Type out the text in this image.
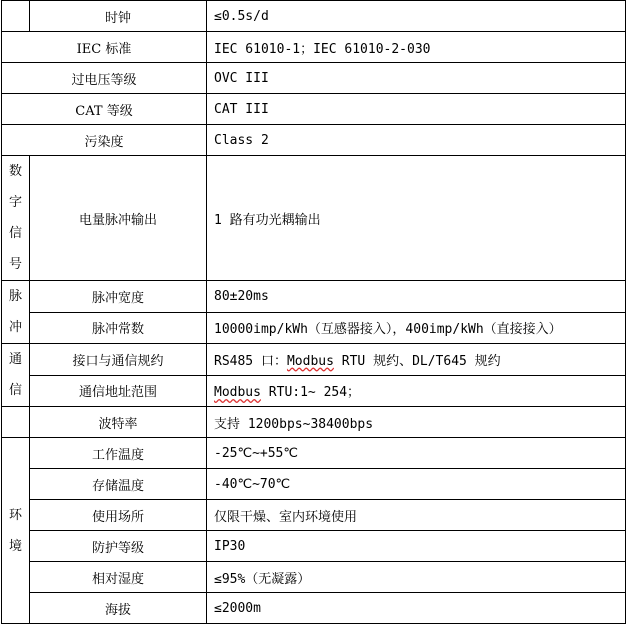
	时钟	≤0.5s/d
IEC 标准		IEC 61010-1；IEC 61010-2-030
过电压等级		OVC III
CAT 等级		CAT III
污染度		Class 2

数
字
信
号	电量脉冲输出	1 路有功光耦输出

脉
冲	脉冲宽度	80±20ms
	脉冲常数	10000imp/kWh（互感器接入），400imp/kWh（直接接入）

通
信	接口与通信规约	RS485 口：Modbus RTU 规约、DL/T645 规约
	通信地址范围	Modbus RTU:1~ 254；
	波特率	支持 1200bps~38400bps

环
境	工作温度	-25℃~+55℃
	存储温度	-40℃~70℃
	使用场所	仅限干燥、室内环境使用
	防护等级	IP30
	相对湿度	≤95%（无凝露）
	海拔	≤2000m
